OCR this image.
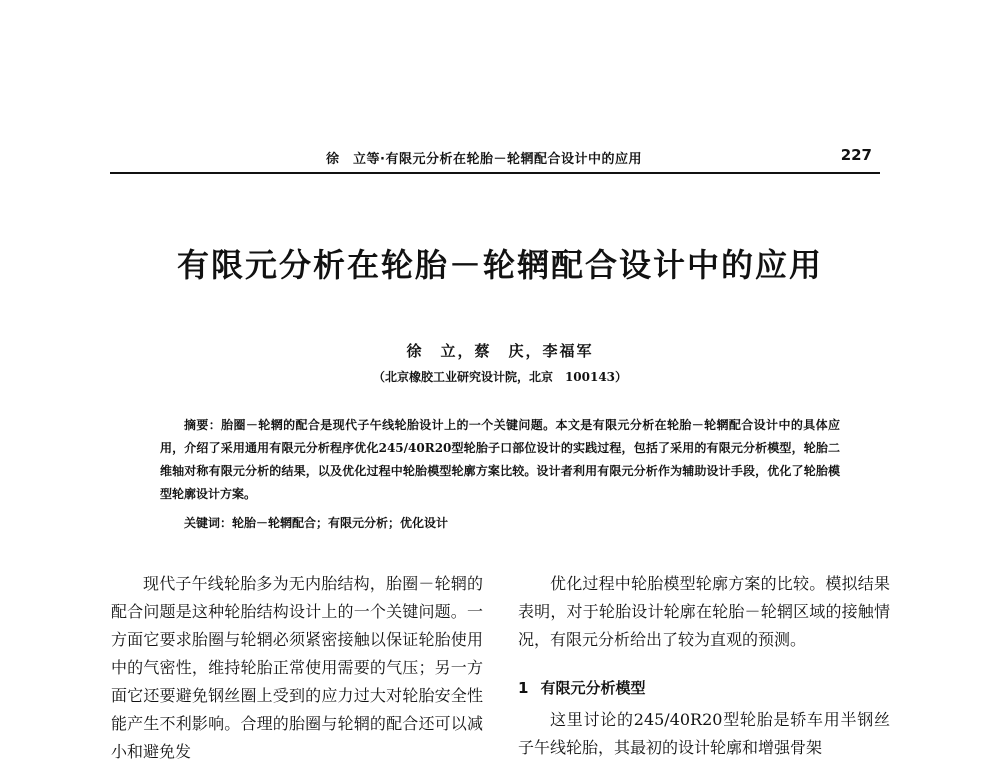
徐　立等·有限元分析在轮胎－轮辋配合设计中的应用	227
有限元分析在轮胎－轮辋配合设计中的应用
徐　立，蔡　庆，李福军
（北京橡胶工业研究设计院，北京　100143）
摘要：胎圈－轮辋的配合是现代子午线轮胎设计上的一个关键问题。本文是有限元分析在轮胎－轮辋配合设计中的具体应用，介绍了采用通用有限元分析程序优化245/40R20型轮胎子口部位设计的实践过程，包括了采用的有限元分析模型，轮胎二维轴对称有限元分析的结果，以及优化过程中轮胎模型轮廓方案比较。设计者利用有限元分析作为辅助设计手段，优化了轮胎模型轮廓设计方案。
关键词：轮胎－轮辋配合；有限元分析；优化设计

现代子午线轮胎多为无内胎结构，胎圈－轮辋的配合问题是这种轮胎结构设计上的一个关键问题。一方面它要求胎圈与轮辋必须紧密接触以保证轮胎使用中的气密性，维持轮胎正常使用需要的气压；另一方面它还要避免钢丝圈上受到的应力过大对轮胎安全性能产生不利影响。合理的胎圈与轮辋的配合还可以减小和避免发

优化过程中轮胎模型轮廓方案的比较。模拟结果表明，对于轮胎设计轮廓在轮胎－轮辋区域的接触情况，有限元分析给出了较为直观的预测。

1 有限元分析模型

这里讨论的245/40R20型轮胎是轿车用半钢丝子午线轮胎，其最初的设计轮廓和增强骨架
